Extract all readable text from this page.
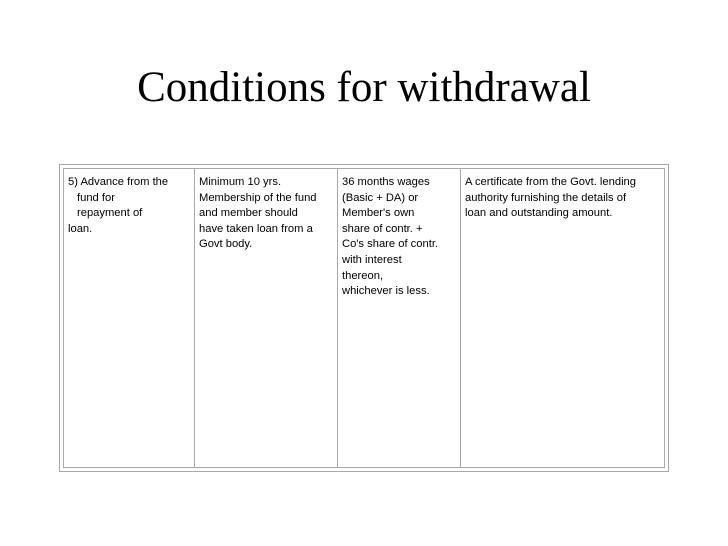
Conditions for withdrawal
5) Advance from the
fund for
repayment of
loan.
Minimum 10 yrs.
Membership of the fund
and member should
have taken loan from a
Govt body.
36 months wages
(Basic + DA) or
Member's own
share of contr. +
Co's share of contr.
with interest
thereon,
whichever is less.
A certificate from the Govt. lending
authority furnishing the details of
loan and outstanding amount.
